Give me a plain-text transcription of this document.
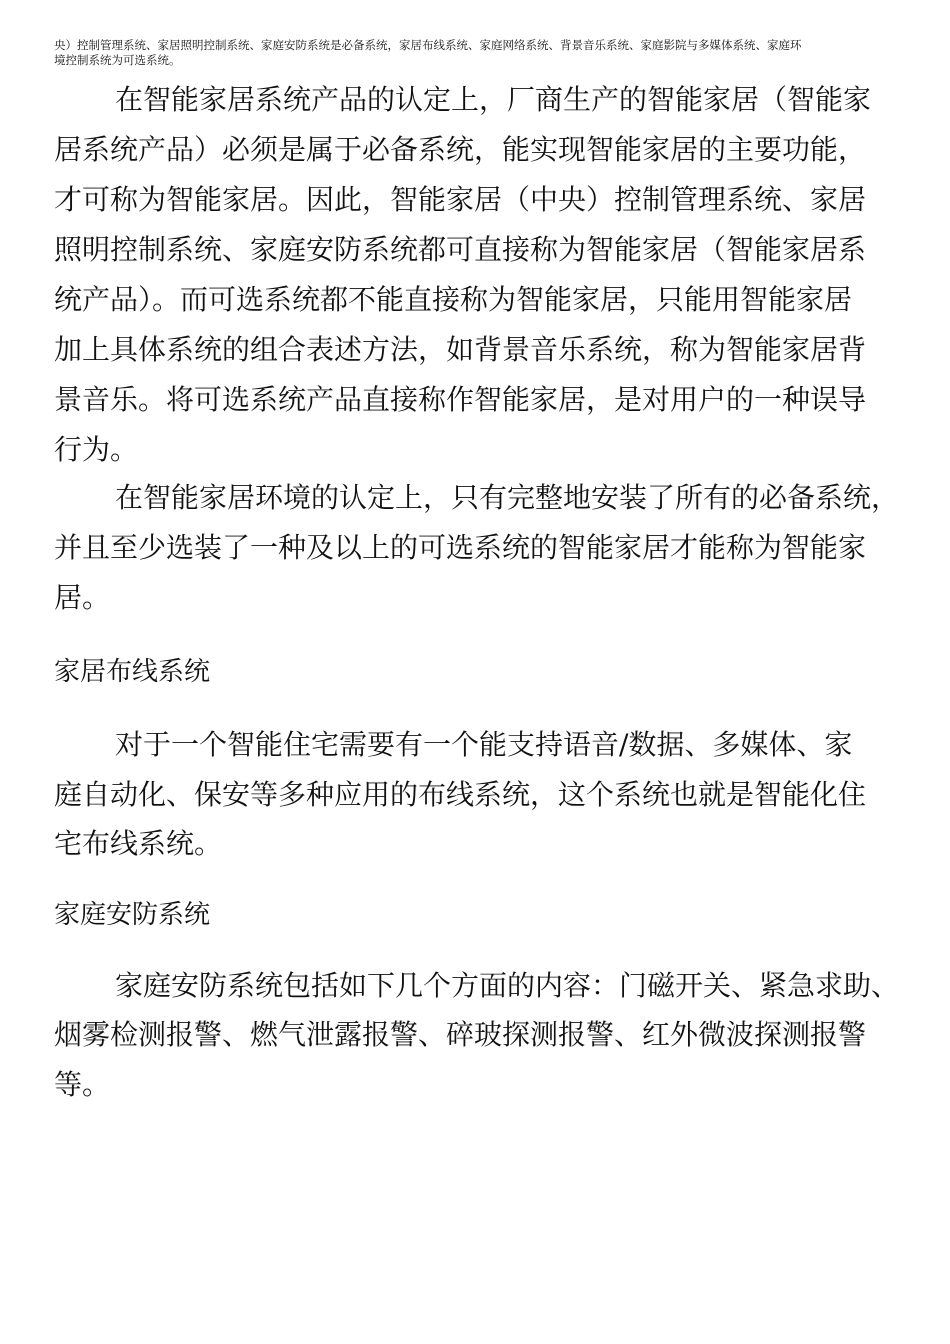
央）控制管理系统、家居照明控制系统、家庭安防系统是必备系统，家居布线系统、家庭网络系统、背景音乐系统、家庭影院与多媒体系统、家庭环
境控制系统为可选系统。
在智能家居系统产品的认定上，厂商生产的智能家居（智能家
居系统产品）必须是属于必备系统，能实现智能家居的主要功能，
才可称为智能家居。因此，智能家居（中央）控制管理系统、家居
照明控制系统、家庭安防系统都可直接称为智能家居（智能家居系
统产品）。而可选系统都不能直接称为智能家居，只能用智能家居
加上具体系统的组合表述方法，如背景音乐系统，称为智能家居背
景音乐。将可选系统产品直接称作智能家居，是对用户的一种误导
行为。
在智能家居环境的认定上，只有完整地安装了所有的必备系统，
并且至少选装了一种及以上的可选系统的智能家居才能称为智能家
居。
家居布线系统
对于一个智能住宅需要有一个能支持语音/数据、多媒体、家
庭自动化、保安等多种应用的布线系统，这个系统也就是智能化住
宅布线系统。
家庭安防系统
家庭安防系统包括如下几个方面的内容：门磁开关、紧急求助、
烟雾检测报警、燃气泄露报警、碎玻探测报警、红外微波探测报警
等。
